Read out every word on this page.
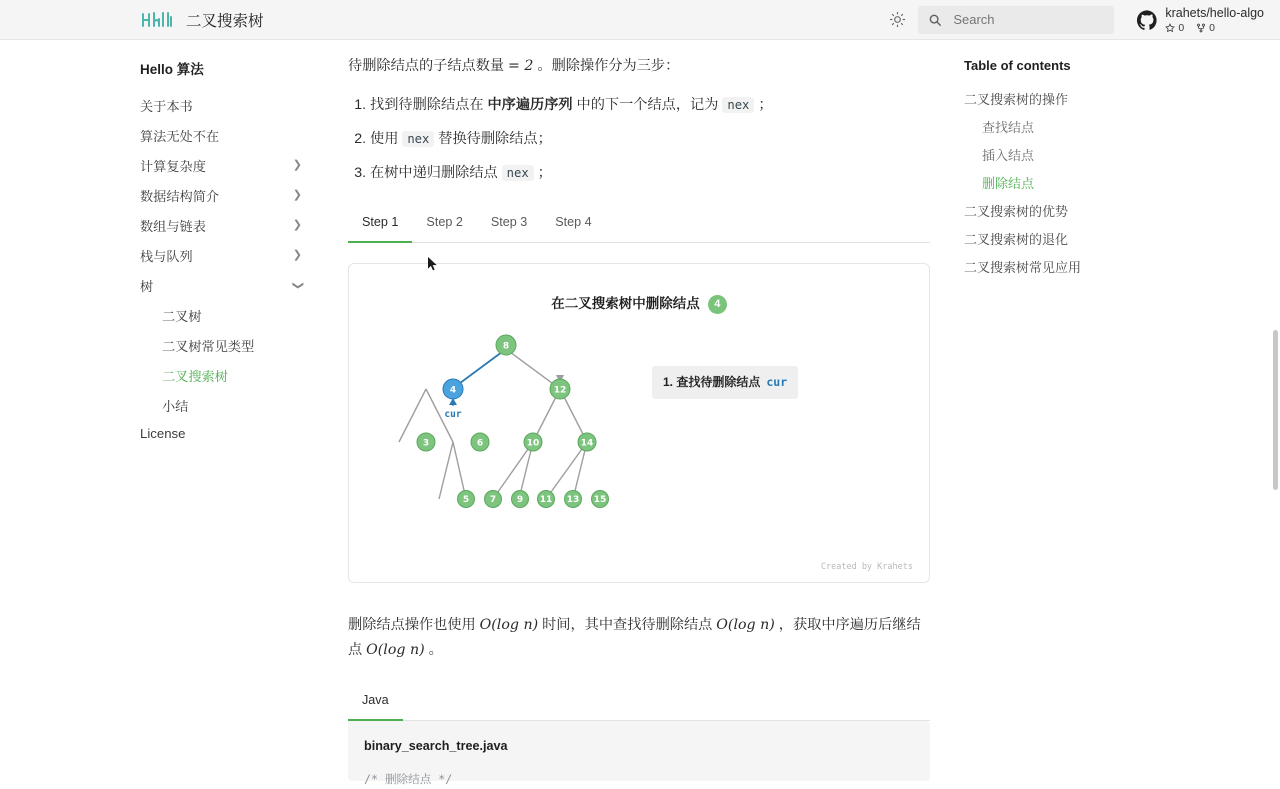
二叉搜索树
Search	krahets/hello-algo
0 0
Hello 算法
关于本书
算法无处不在
计算复杂度	❯
数据结构简介	❯
数组与链表	❯
栈与队列	❯
树	❯
二叉树
二叉树常见类型
二叉搜索树
小结
License

待删除结点的子结点数量 = 2 。删除操作分为三步：

1. 找到待删除结点在 中序遍历序列 中的下一个结点，记为 nex ；
2. 使用 nex 替换待删除结点；
3. 在树中递归删除结点 nex ；
Step 1	Step 2	Step 3	Step 4
在二叉搜索树中删除结点 4
8
4	12
3	6	10	14
5 7 9 11 13 15
cur
1. 查找待删除结点 cur
Created by Krahets

删除结点操作也使用 O(log n) 时间，其中查找待删除结点 O(log n) ，获取中序遍历后继结点 O(log n) 。

Java
binary_search_tree.java
/* 删除结点 */
Table of contents
二叉搜索树的操作
查找结点
插入结点
删除结点
二叉搜索树的优势
二叉搜索树的退化
二叉搜索树常见应用
